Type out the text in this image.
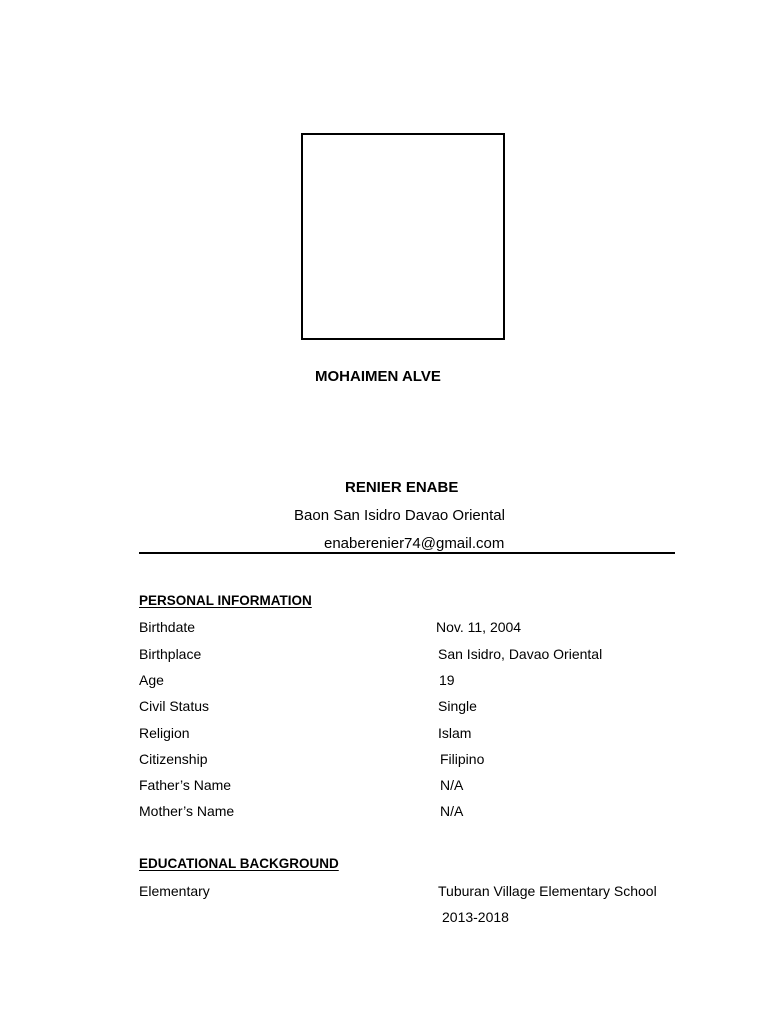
MOHAIMEN ALVE
RENIER ENABE
Baon San Isidro Davao Oriental
enaberenier74@gmail.com
PERSONAL INFORMATION
Birthdate	Nov. 11, 2004
Birthplace	San Isidro, Davao Oriental
Age	19
Civil Status	Single
Religion	Islam
Citizenship	Filipino
Father’s Name	N/A
Mother’s Name	N/A
EDUCATIONAL BACKGROUND
Elementary	Tuburan Village Elementary School
2013-2018
